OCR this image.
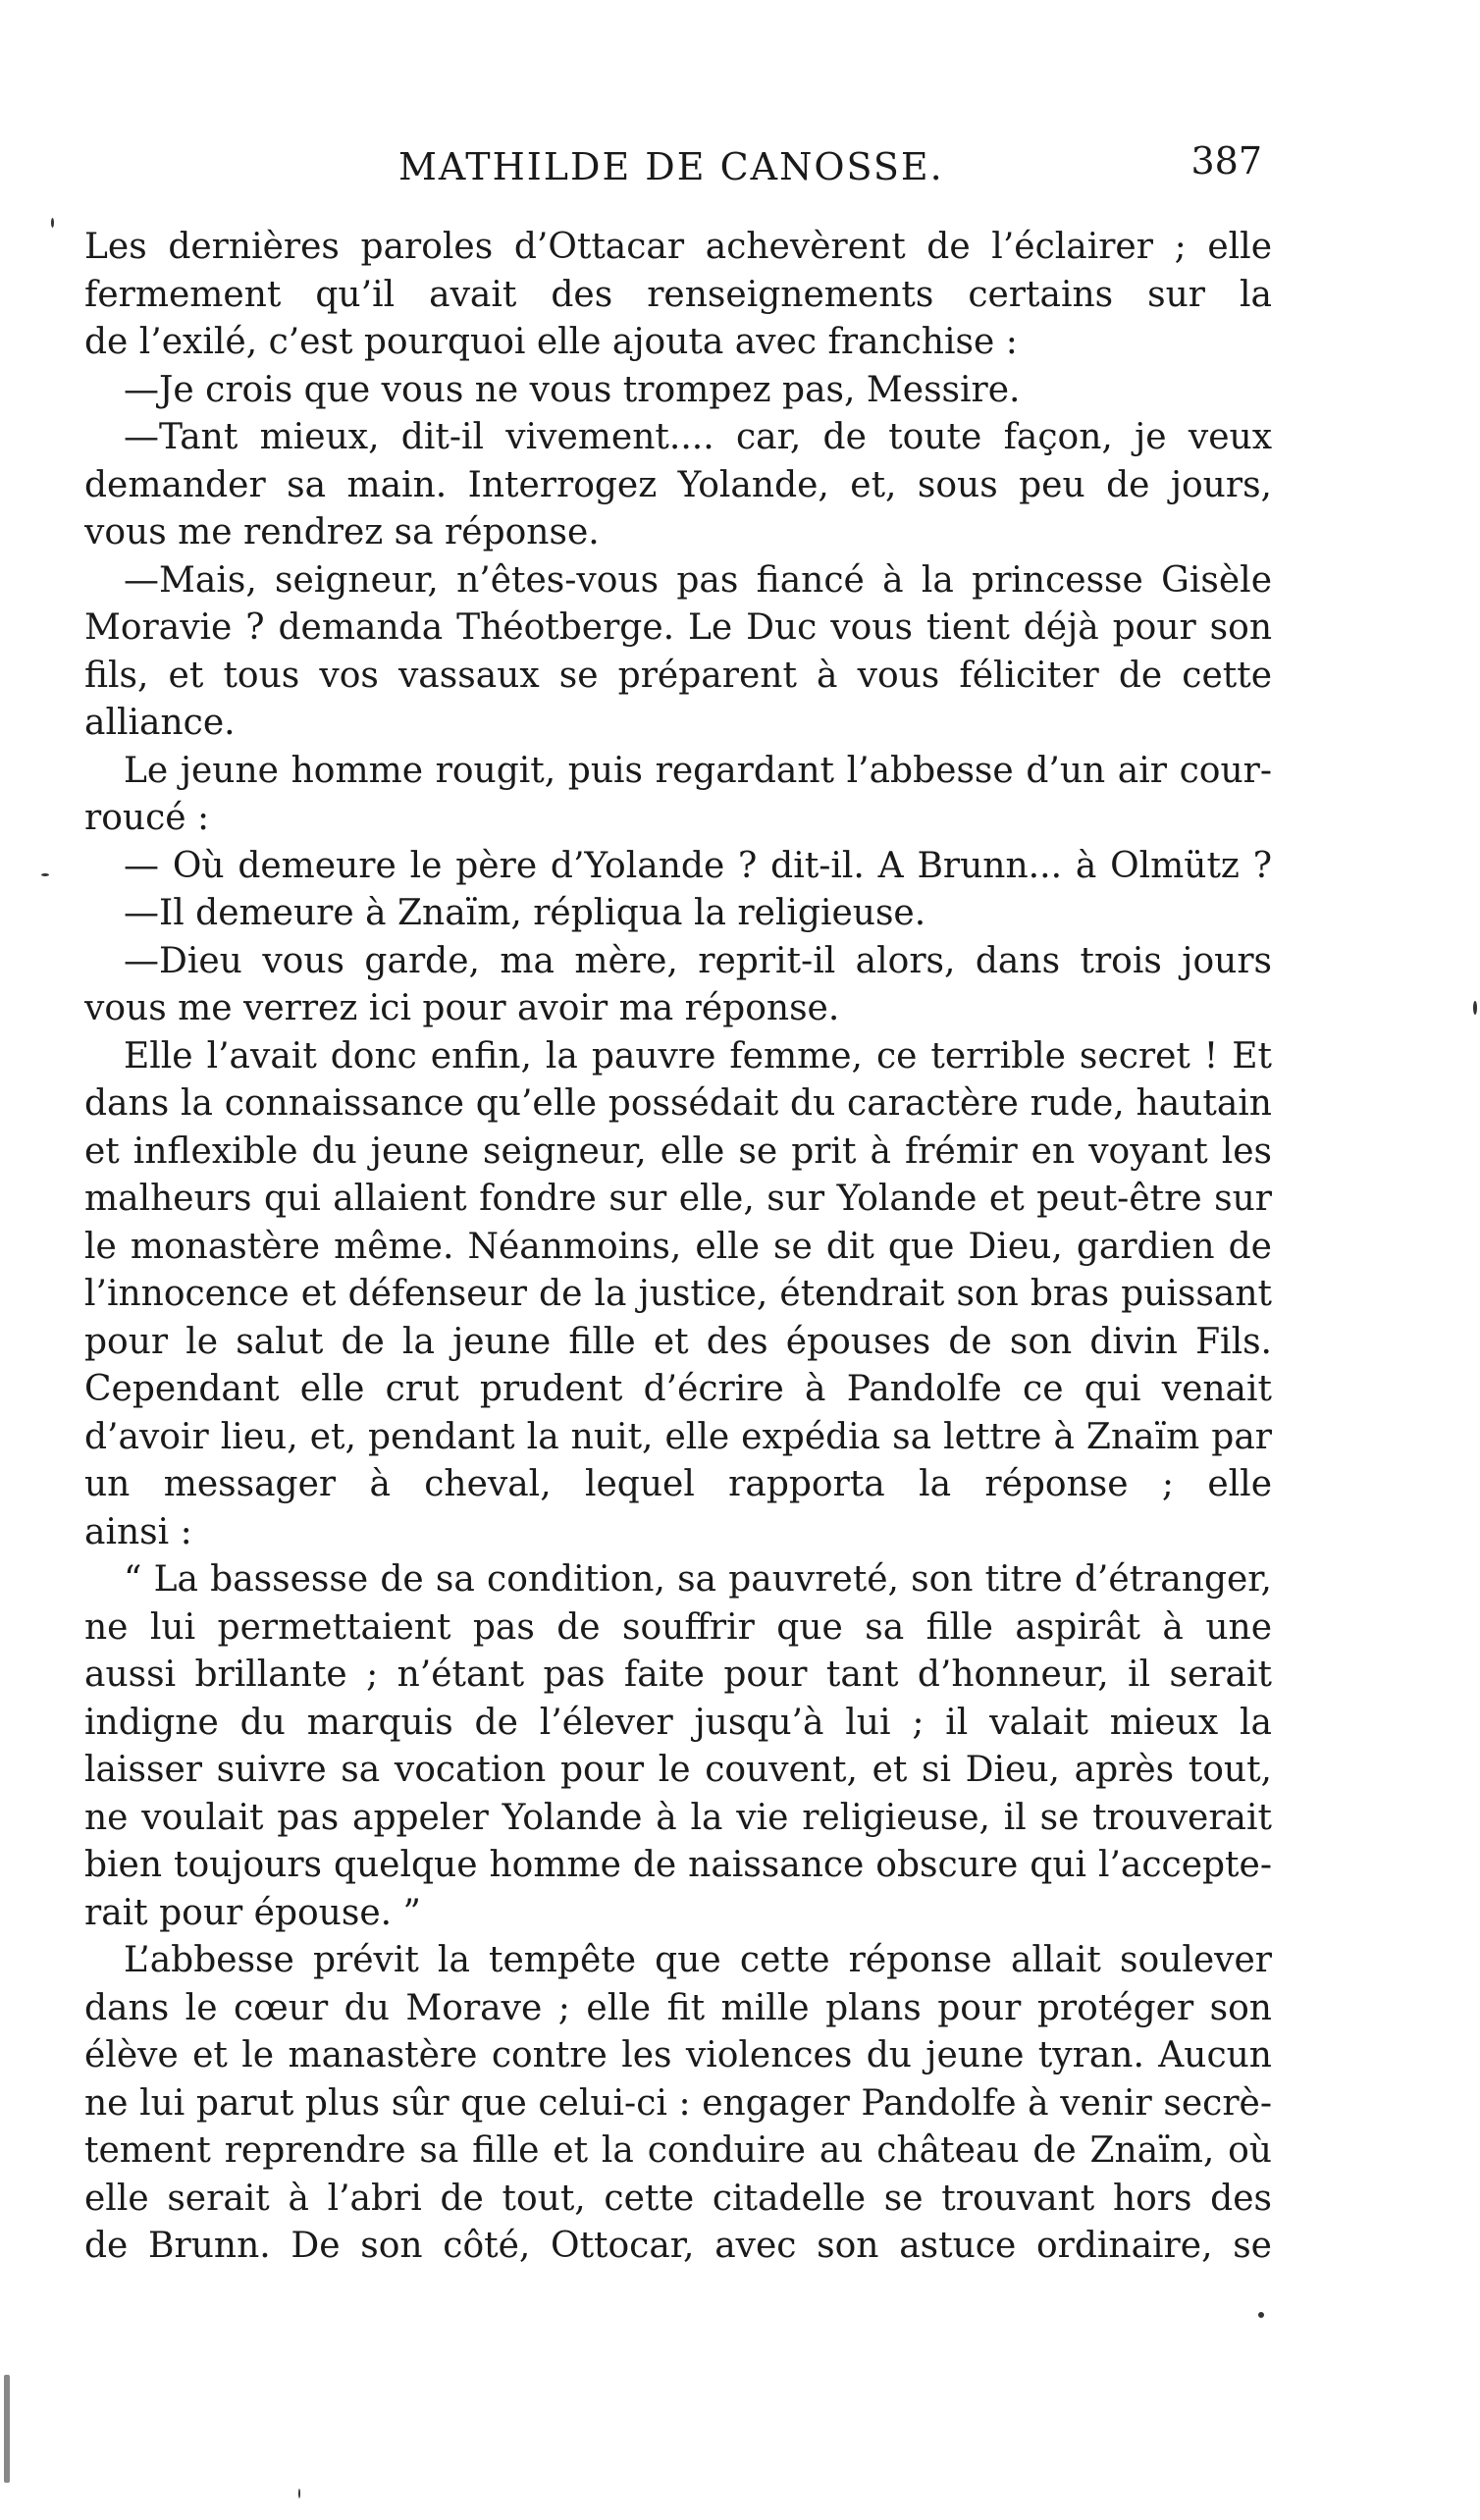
MATHILDE DE CANOSSE.	387
Les dernières paroles d’Ottacar achevèrent de l’éclairer ; elle
fermement qu’il avait des renseignements certains sur la
de l’exilé, c’est pourquoi elle ajouta avec franchise :
—Je crois que vous ne vous trompez pas, Messire.
—Tant mieux, dit-il vivement.... car, de toute façon, je veux
demander sa main. Interrogez Yolande, et, sous peu de jours,
vous me rendrez sa réponse.
—Mais, seigneur, n’êtes-vous pas fiancé à la princesse Gisèle
Moravie ? demanda Théotberge. Le Duc vous tient déjà pour son
fils, et tous vos vassaux se préparent à vous féliciter de cette
alliance.
Le jeune homme rougit, puis regardant l’abbesse d’un air cour-
roucé :
— Où demeure le père d’Yolande ? dit-il. A Brunn... à Olmütz ?
—Il demeure à Znaïm, répliqua la religieuse.
—Dieu vous garde, ma mère, reprit-il alors, dans trois jours
vous me verrez ici pour avoir ma réponse.
Elle l’avait donc enfin, la pauvre femme, ce terrible secret ! Et
dans la connaissance qu’elle possédait du caractère rude, hautain
et inflexible du jeune seigneur, elle se prit à frémir en voyant les
malheurs qui allaient fondre sur elle, sur Yolande et peut-être sur
le monastère même. Néanmoins, elle se dit que Dieu, gardien de
l’innocence et défenseur de la justice, étendrait son bras puissant
pour le salut de la jeune fille et des épouses de son divin Fils.
Cependant elle crut prudent d’écrire à Pandolfe ce qui venait
d’avoir lieu, et, pendant la nuit, elle expédia sa lettre à Znaïm par
un messager à cheval, lequel rapporta la réponse ; elle
ainsi :
“ La bassesse de sa condition, sa pauvreté, son titre d’étranger,
ne lui permettaient pas de souffrir que sa fille aspirât à une
aussi brillante ; n’étant pas faite pour tant d’honneur, il serait
indigne du marquis de l’élever jusqu’à lui ; il valait mieux la
laisser suivre sa vocation pour le couvent, et si Dieu, après tout,
ne voulait pas appeler Yolande à la vie religieuse, il se trouverait
bien toujours quelque homme de naissance obscure qui l’accepte-
rait pour épouse. ”
L’abbesse prévit la tempête que cette réponse allait soulever
dans le cœur du Morave ; elle fit mille plans pour protéger son
élève et le manastère contre les violences du jeune tyran. Aucun
ne lui parut plus sûr que celui-ci : engager Pandolfe à venir secrè-
tement reprendre sa fille et la conduire au château de Znaïm, où
elle serait à l’abri de tout, cette citadelle se trouvant hors des
de Brunn. De son côté, Ottocar, avec son astuce ordinaire, se
